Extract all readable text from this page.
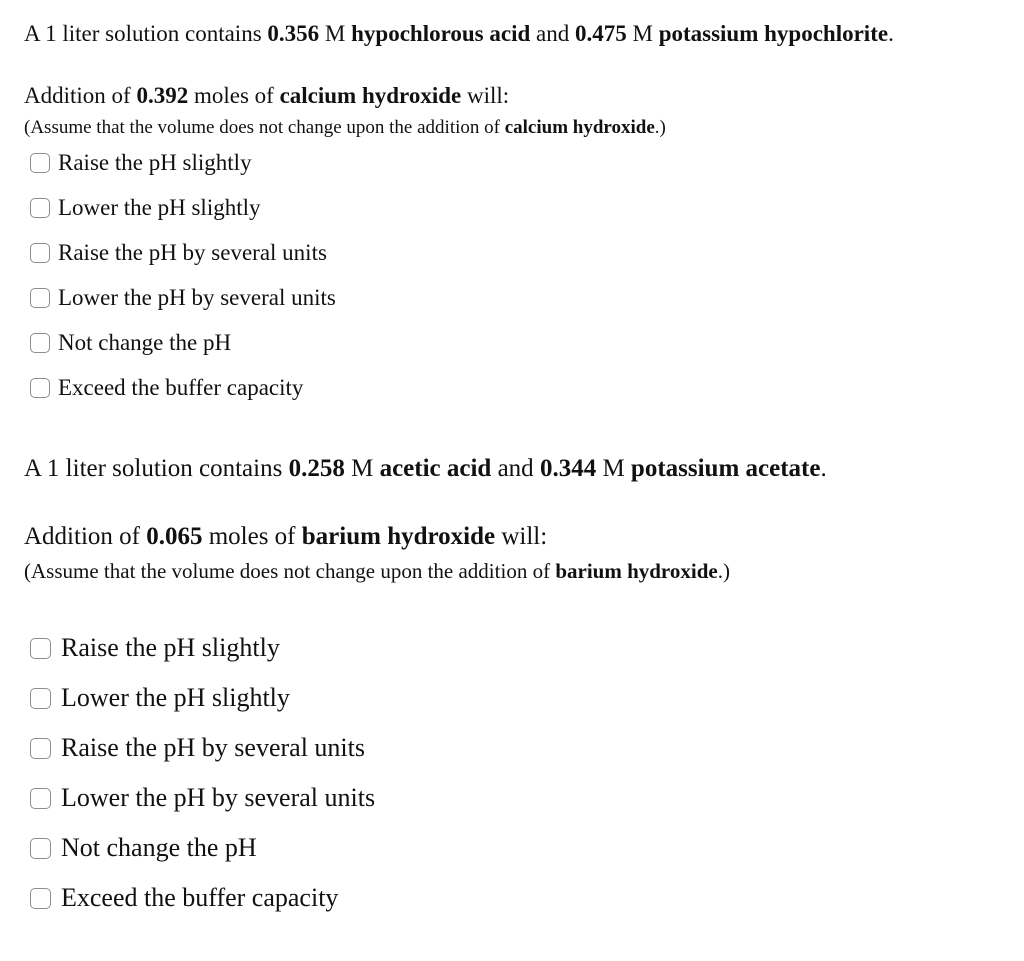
A 1 liter solution contains 0.356 M hypochlorous acid and 0.475 M potassium hypochlorite.
Addition of 0.392 moles of calcium hydroxide will:
(Assume that the volume does not change upon the addition of calcium hydroxide.)
Raise the pH slightly
Lower the pH slightly
Raise the pH by several units
Lower the pH by several units
Not change the pH
Exceed the buffer capacity
A 1 liter solution contains 0.258 M acetic acid and 0.344 M potassium acetate.
Addition of 0.065 moles of barium hydroxide will:
(Assume that the volume does not change upon the addition of barium hydroxide.)
Raise the pH slightly
Lower the pH slightly
Raise the pH by several units
Lower the pH by several units
Not change the pH
Exceed the buffer capacity
